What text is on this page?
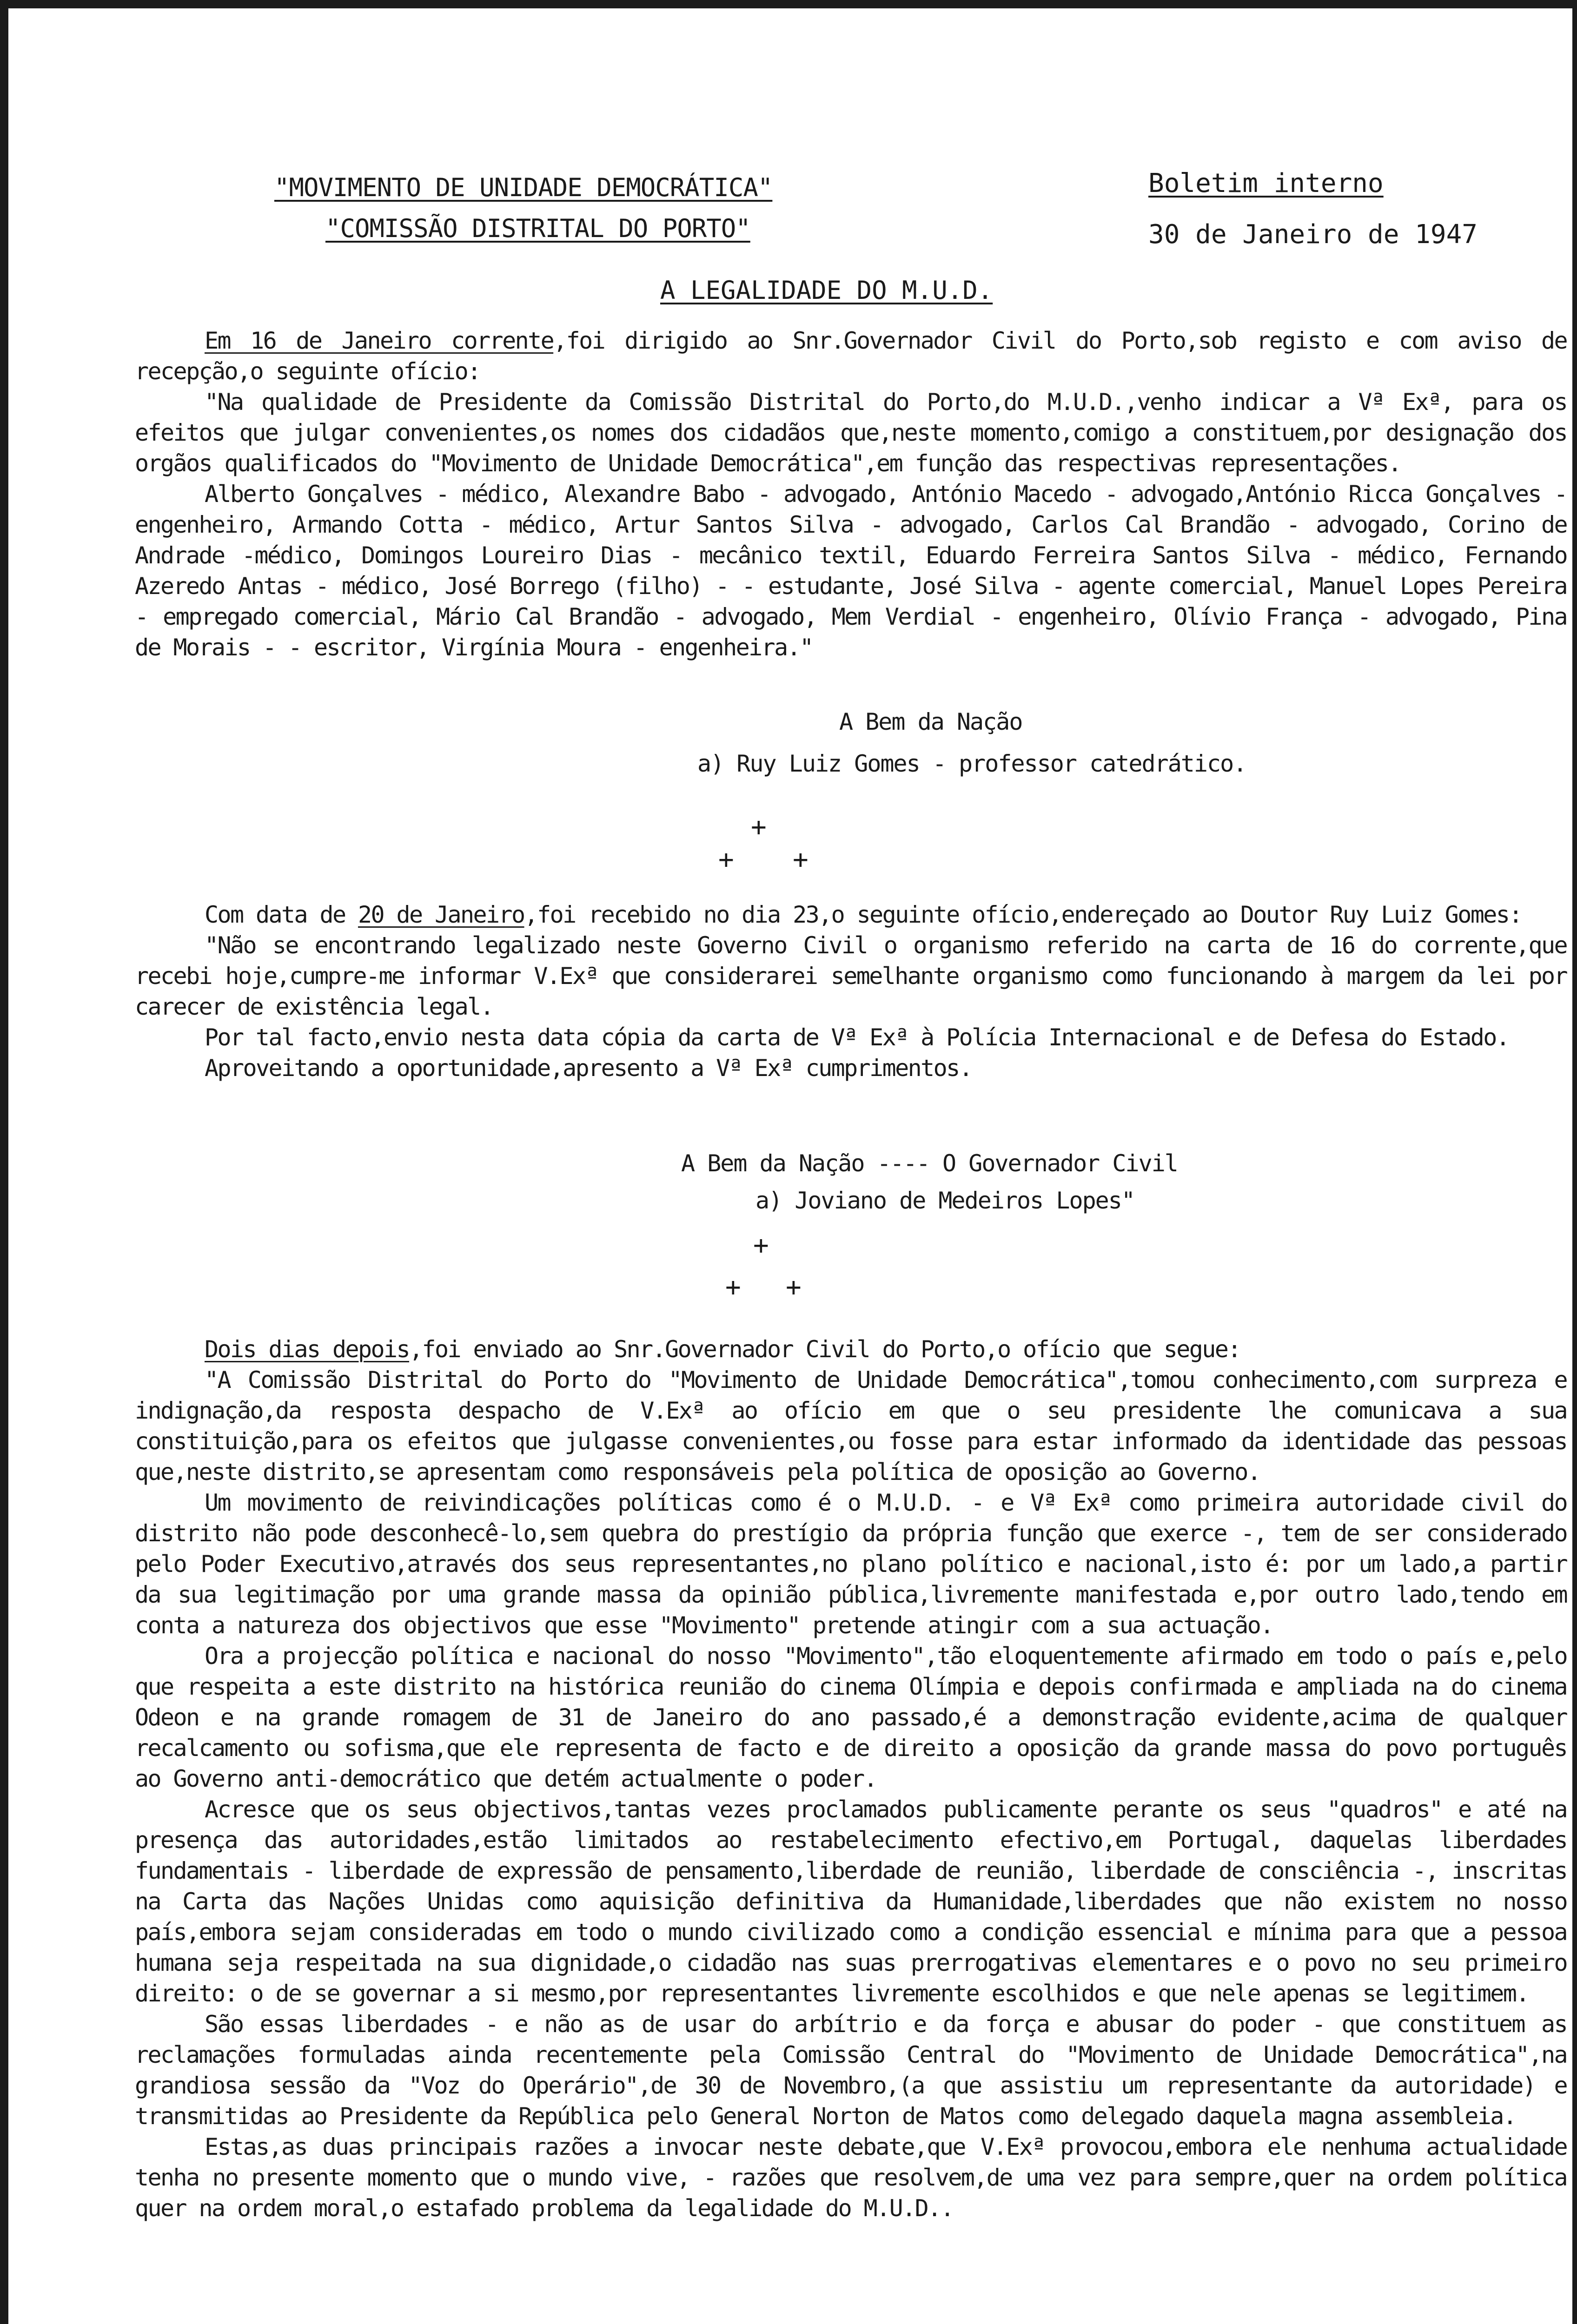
"MOVIMENTO DE UNIDADE DEMOCRÁTICA"
"COMISSÃO DISTRITAL DO PORTO"
Boletim interno
30 de Janeiro de 1947
A LEGALIDADE DO M.U.D.

Em 16 de Janeiro corrente,foi dirigido ao Snr.Governador Civil do Porto,sob registo e com aviso de recepção,o seguinte ofício:

"Na qualidade de Presidente da Comissão Distrital do Porto,do M.U.D.,venho indicar a Vª Exª, para os efeitos que julgar convenientes,os nomes dos cidadãos que,neste momento,comigo a constituem,por designação dos orgãos qualificados do "Movimento de Unidade Democrática",em função das respectivas representações.

Alberto Gonçalves - médico, Alexandre Babo - advogado, António Macedo - advogado,António Ricca Gonçalves - engenheiro, Armando Cotta - médico, Artur Santos Silva - advogado, Carlos Cal Brandão - advogado, Corino de Andrade -médico, Domingos Loureiro Dias - mecânico textil, Eduardo Ferreira Santos Silva - médico, Fernando Azeredo Antas - médico, José Borrego (filho) - - estudante, José Silva - agente comercial, Manuel Lopes Pereira - empregado comercial, Mário Cal Brandão - advogado, Mem Verdial - engenheiro, Olívio França - advogado, Pina de Morais - - escritor, Virgínia Moura - engenheira."

A Bem da Nação
a) Ruy Luiz Gomes - professor catedrático.
+
+ +

Com data de 20 de Janeiro,foi recebido no dia 23,o seguinte ofício,endereçado ao Doutor Ruy Luiz Gomes:

"Não se encontrando legalizado neste Governo Civil o organismo referido na carta de 16 do corrente,que recebi hoje,cumpre-me informar V.Exª que considerarei semelhante organismo como funcionando à margem da lei por carecer de existência legal.

Por tal facto,envio nesta data cópia da carta de Vª Exª à Polícia Internacional e de Defesa do Estado.

Aproveitando a oportunidade,apresento a Vª Exª cumprimentos.

A Bem da Nação ---- O Governador Civil
a) Joviano de Medeiros Lopes"
+
+ +

Dois dias depois,foi enviado ao Snr.Governador Civil do Porto,o ofício que segue:

"A Comissão Distrital do Porto do "Movimento de Unidade Democrática",tomou conhecimento,com surpreza e indignação,da resposta despacho de V.Exª ao ofício em que o seu presidente lhe comunicava a sua constituição,para os efeitos que julgasse convenientes,ou fosse para estar informado da identidade das pessoas que,neste distrito,se apresentam como responsáveis pela política de oposição ao Governo.

Um movimento de reivindicações políticas como é o M.U.D. - e Vª Exª como primeira autoridade civil do distrito não pode desconhecê-lo,sem quebra do prestígio da própria função que exerce -, tem de ser considerado pelo Poder Executivo,através dos seus representantes,no plano político e nacional,isto é: por um lado,a partir da sua legitimação por uma grande massa da opinião pública,livremente manifestada e,por outro lado,tendo em conta a natureza dos objectivos que esse "Movimento" pretende atingir com a sua actuação.

Ora a projecção política e nacional do nosso "Movimento",tão eloquentemente afirmado em todo o país e,pelo que respeita a este distrito na histórica reunião do cinema Olímpia e depois confirmada e ampliada na do cinema Odeon e na grande romagem de 31 de Janeiro do ano passado,é a demonstração evidente,acima de qualquer recalcamento ou sofisma,que ele representa de facto e de direito a oposição da grande massa do povo português ao Governo anti-democrático que detém actualmente o poder.

Acresce que os seus objectivos,tantas vezes proclamados publicamente perante os seus "quadros" e até na presença das autoridades,estão limitados ao restabelecimento efectivo,em Portugal, daquelas liberdades fundamentais - liberdade de expressão de pensamento,liberdade de reunião, liberdade de consciência -, inscritas na Carta das Nações Unidas como aquisição definitiva da Humanidade,liberdades que não existem no nosso país,embora sejam consideradas em todo o mundo civilizado como a condição essencial e mínima para que a pessoa humana seja respeitada na sua dignidade,o cidadão nas suas prerrogativas elementares e o povo no seu primeiro direito: o de se governar a si mesmo,por representantes livremente escolhidos e que nele apenas se legitimem.

São essas liberdades - e não as de usar do arbítrio e da força e abusar do poder - que constituem as reclamações formuladas ainda recentemente pela Comissão Central do "Movimento de Unidade Democrática",na grandiosa sessão da "Voz do Operário",de 30 de Novembro,(a que assistiu um representante da autoridade) e transmitidas ao Presidente da República pelo General Norton de Matos como delegado daquela magna assembleia.

Estas,as duas principais razões a invocar neste debate,que V.Exª provocou,embora ele nenhuma actualidade tenha no presente momento que o mundo vive, - razões que resolvem,de uma vez para sempre,quer na ordem política quer na ordem moral,o estafado problema da legalidade do M.U.D..
